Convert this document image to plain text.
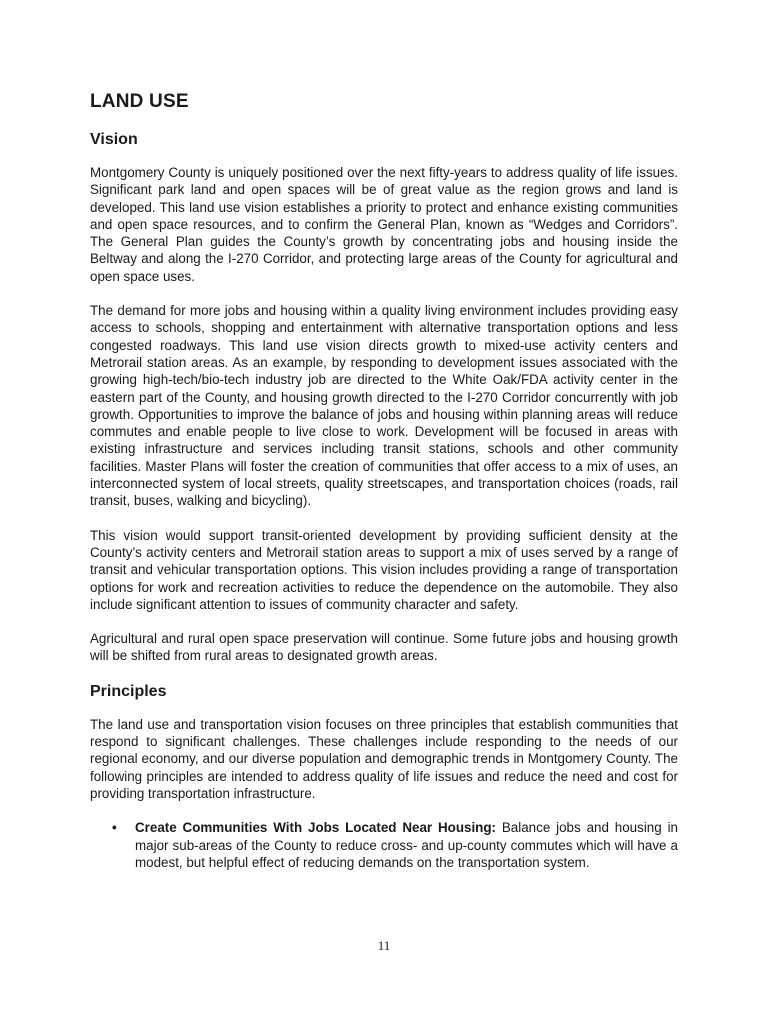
LAND USE
Vision

Montgomery County is uniquely positioned over the next fifty-years to address quality of life issues. Significant park land and open spaces will be of great value as the region grows and land is developed. This land use vision establishes a priority to protect and enhance existing communities and open space resources, and to confirm the General Plan, known as “Wedges and Corridors”. The General Plan guides the County’s growth by concentrating jobs and housing inside the Beltway and along the I-270 Corridor, and protecting large areas of the County for agricultural and open space uses.

The demand for more jobs and housing within a quality living environment includes providing easy access to schools, shopping and entertainment with alternative transportation options and less congested roadways. This land use vision directs growth to mixed-use activity centers and Metrorail station areas. As an example, by responding to development issues associated with the growing high-tech/bio-tech industry job are directed to the White Oak/FDA activity center in the eastern part of the County, and housing growth directed to the I-270 Corridor concurrently with job growth. Opportunities to improve the balance of jobs and housing within planning areas will reduce commutes and enable people to live close to work. Development will be focused in areas with existing infrastructure and services including transit stations, schools and other community facilities. Master Plans will foster the creation of communities that offer access to a mix of uses, an interconnected system of local streets, quality streetscapes, and transportation choices (roads, rail transit, buses, walking and bicycling).

This vision would support transit-oriented development by providing sufficient density at the County’s activity centers and Metrorail station areas to support a mix of uses served by a range of transit and vehicular transportation options. This vision includes providing a range of transportation options for work and recreation activities to reduce the dependence on the automobile. They also include significant attention to issues of community character and safety.

Agricultural and rural open space preservation will continue. Some future jobs and housing growth will be shifted from rural areas to designated growth areas.

Principles

The land use and transportation vision focuses on three principles that establish communities that respond to significant challenges. These challenges include responding to the needs of our regional economy, and our diverse population and demographic trends in Montgomery County. The following principles are intended to address quality of life issues and reduce the need and cost for providing transportation infrastructure.

• Create Communities With Jobs Located Near Housing: Balance jobs and housing in major sub-areas of the County to reduce cross- and up-county commutes which will have a modest, but helpful effect of reducing demands on the transportation system.
11
